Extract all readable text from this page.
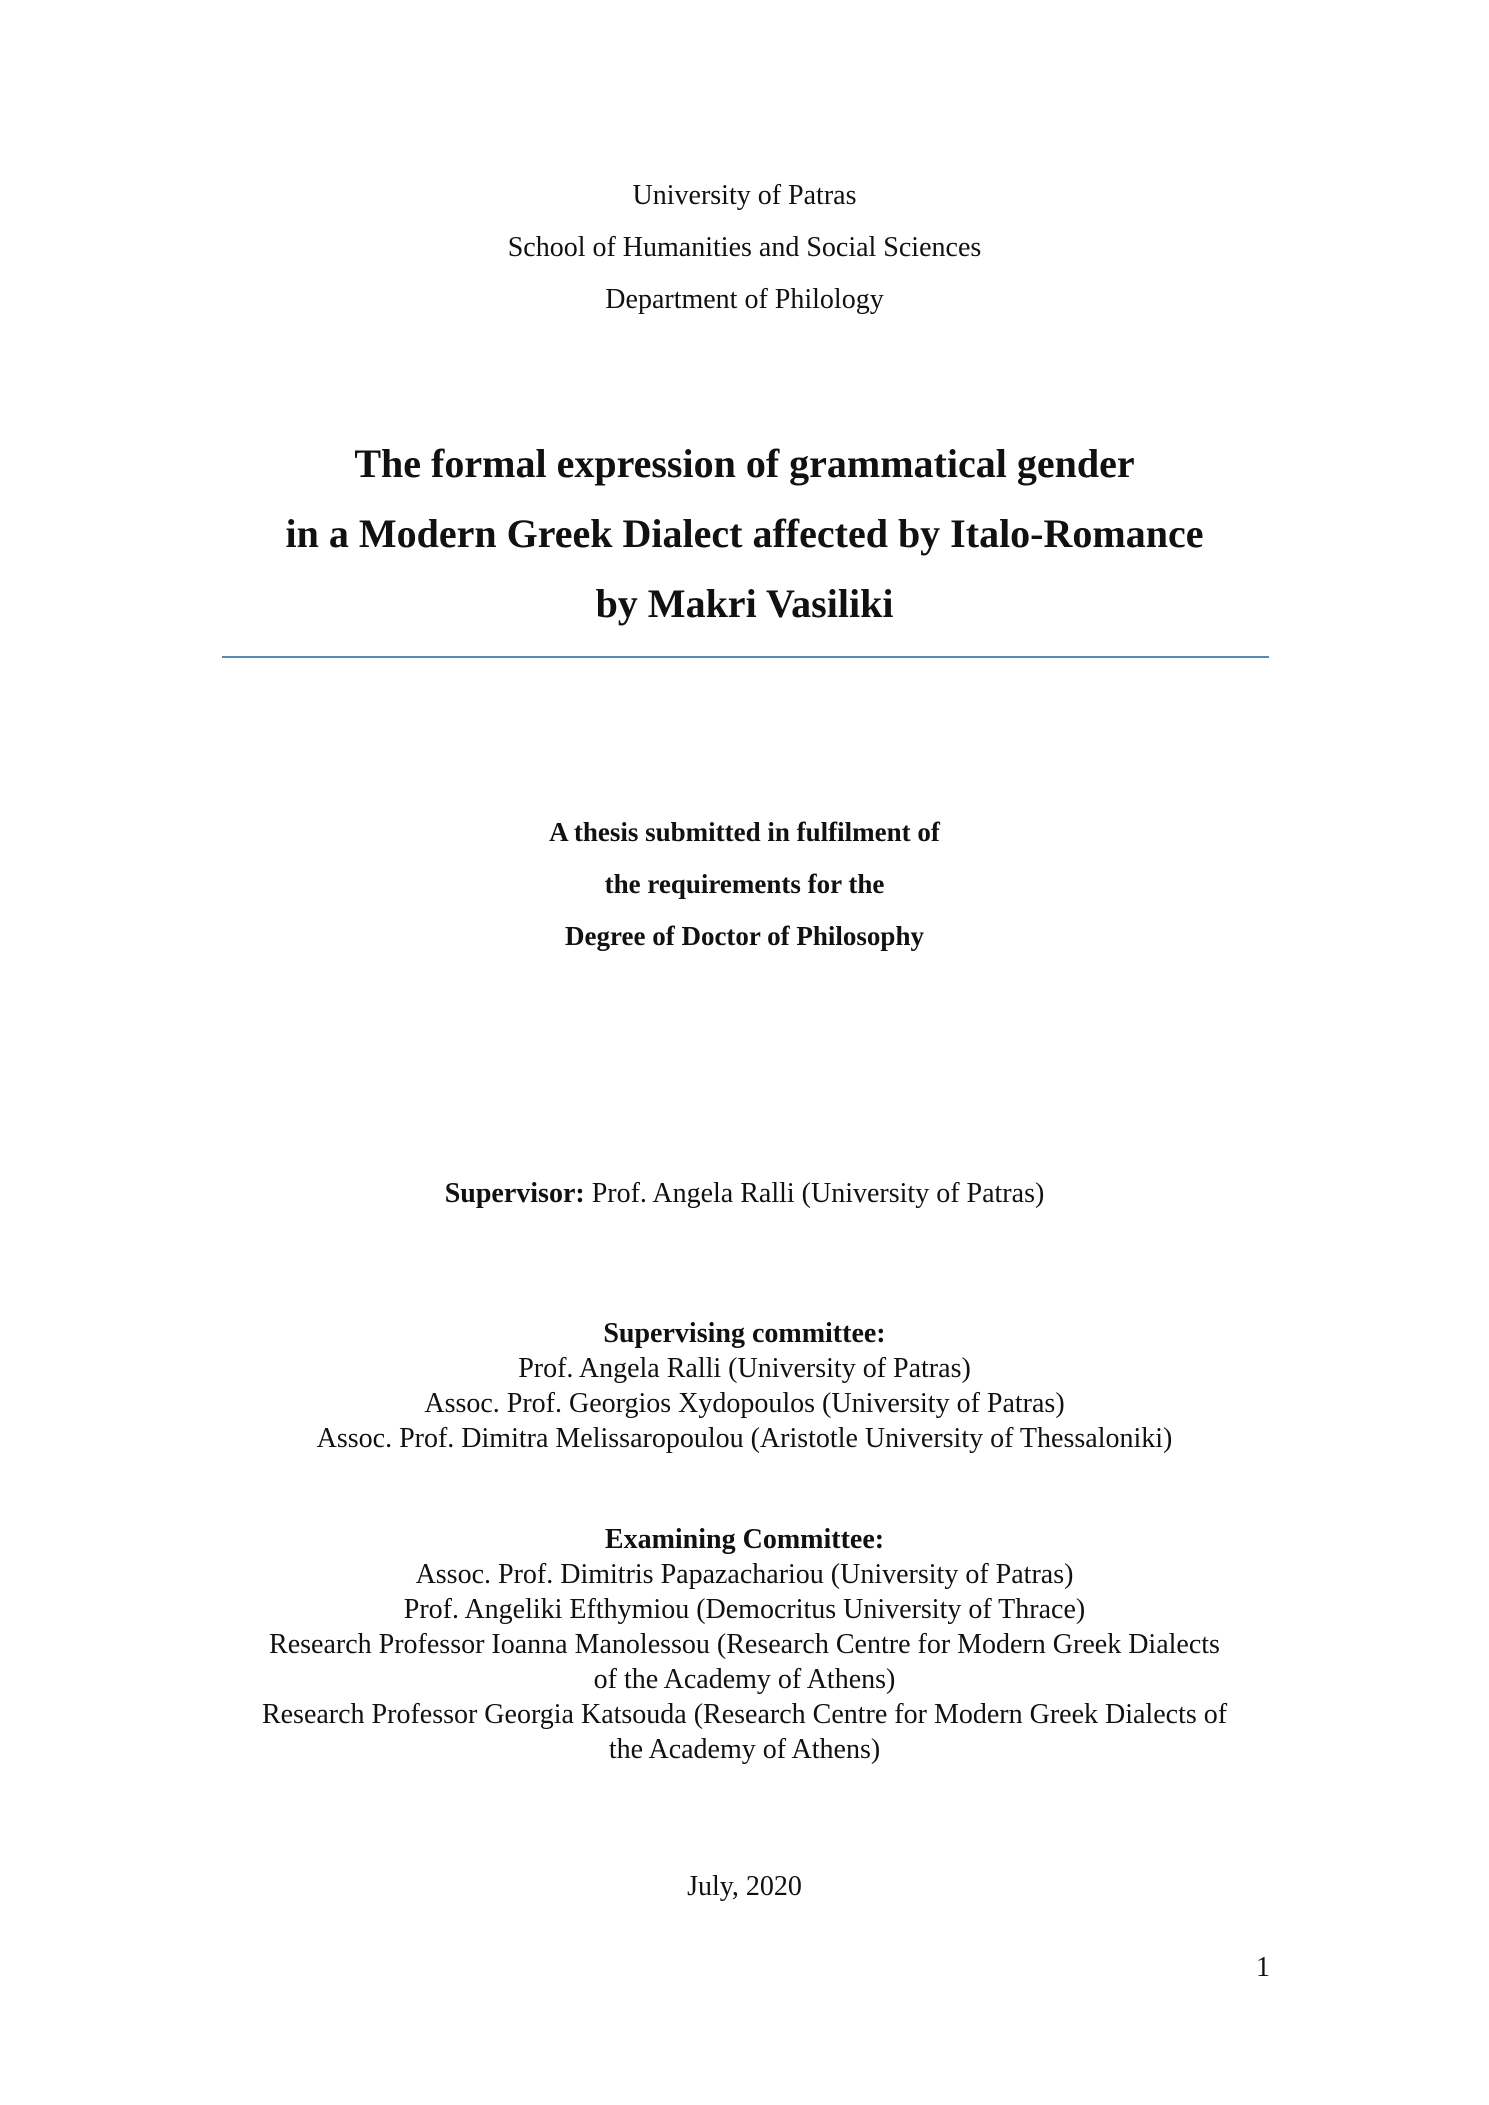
University of Patras
School of Humanities and Social Sciences
Department of Philology
The formal expression of grammatical gender
in a Modern Greek Dialect affected by Italo-Romance
by Makri Vasiliki
A thesis submitted in fulfilment of
the requirements for the
Degree of Doctor of Philosophy
Supervisor: Prof. Angela Ralli (University of Patras)
Supervising committee:
Prof. Angela Ralli (University of Patras)
Assoc. Prof. Georgios Xydopoulos (University of Patras)
Assoc. Prof. Dimitra Melissaropoulou (Aristotle University of Thessaloniki)
Examining Committee:
Assoc. Prof. Dimitris Papazachariou (University of Patras)
Prof. Angeliki Efthymiou (Democritus University of Thrace)
Research Professor Ioanna Manolessou (Research Centre for Modern Greek Dialects
of the Academy of Athens)
Research Professor Georgia Katsouda (Research Centre for Modern Greek Dialects of
the Academy of Athens)
July, 2020
1
